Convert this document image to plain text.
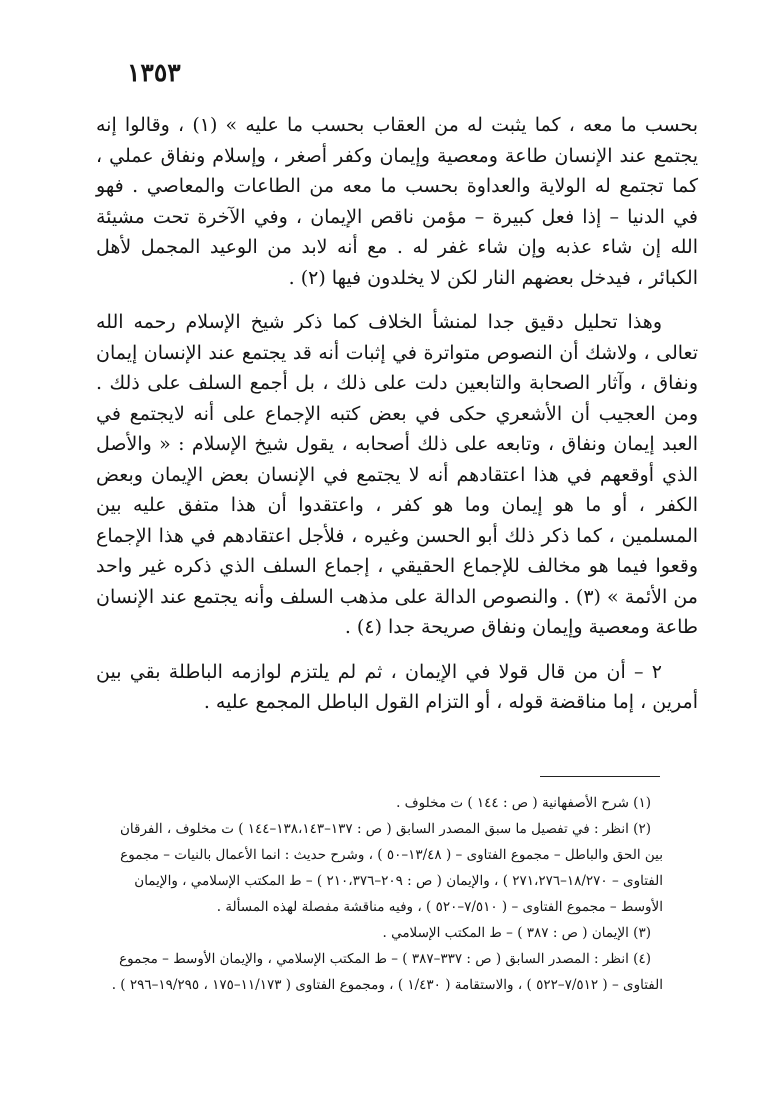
١٣٥٣

بحسب ما معه ، كما يثبت له من العقاب بحسب ما عليه » (١) ، وقالوا إنه يجتمع عند الإنسان طاعة ومعصية وإيمان وكفر أصغر ، وإسلام ونفاق عملي ، كما تجتمع له الولاية والعداوة بحسب ما معه من الطاعات والمعاصي . فهو في الدنيا – إذا فعل كبيرة – مؤمن ناقص الإيمان ، وفي الآخرة تحت مشيئة الله إن شاء عذبه وإن شاء غفر له . مع أنه لابد من الوعيد المجمل لأهل الكبائر ، فيدخل بعضهم النار لكن لا يخلدون فيها (٢) .

وهذا تحليل دقيق جدا لمنشأ الخلاف كما ذكر شيخ الإسلام رحمه الله تعالى ، ولاشك أن النصوص متواترة في إثبات أنه قد يجتمع عند الإنسان إيمان ونفاق ، وآثار الصحابة والتابعين دلت على ذلك ، بل أجمع السلف على ذلك . ومن العجيب أن الأشعري حكى في بعض كتبه الإجماع على أنه لايجتمع في العبد إيمان ونفاق ، وتابعه على ذلك أصحابه ، يقول شيخ الإسلام : « والأصل الذي أوقعهم في هذا اعتقادهم أنه لا يجتمع في الإنسان بعض الإيمان وبعض الكفر ، أو ما هو إيمان وما هو كفر ، واعتقدوا أن هذا متفق عليه بين المسلمين ، كما ذكر ذلك أبو الحسن وغيره ، فلأجل اعتقادهم في هذا الإجماع وقعوا فيما هو مخالف للإجماع الحقيقي ، إجماع السلف الذي ذكره غير واحد من الأئمة » (٣) . والنصوص الدالة على مذهب السلف وأنه يجتمع عند الإنسان طاعة ومعصية وإيمان ونفاق صريحة جدا (٤) .

٢ – أن من قال قولا في الإيمان ، ثم لم يلتزم لوازمه الباطلة بقي بين أمرين ، إما مناقضة قوله ، أو التزام القول الباطل المجمع عليه .

(١) شرح الأصفهانية ( ص : ١٤٤ ) ت مخلوف .

(٢) انظر : في تفصيل ما سبق المصدر السابق ( ص : ١٣٧–١٣٨،١٤٣–١٤٤ ) ت مخلوف ، الفرقان بين الحق والباطل – مجموع الفتاوى – ( ١٣/٤٨–٥٠ ) ، وشرح حديث : انما الأعمال بالنيات – مجموع الفتاوى – ١٨/٢٧٠–٢٧١،٢٧٦ ) ، والإيمان ( ص : ٢٠٩–٢١٠،٣٧٦ ) – ط المكتب الإسلامي ، والإيمان الأوسط – مجموع الفتاوى – ( ٧/٥١٠–٥٢٠ ) ، وفيه مناقشة مفصلة لهذه المسألة .

(٣) الإيمان ( ص : ٣٨٧ ) – ط المكتب الإسلامي .

(٤) انظر : المصدر السابق ( ص : ٣٣٧–٣٨٧ ) – ط المكتب الإسلامي ، والإيمان الأوسط – مجموع الفتاوى – ( ٧/٥١٢–٥٢٢ ) ، والاستقامة ( ١/٤٣٠ ) ، ومجموع الفتاوى ( ١١/١٧٣–١٧٥ ، ١٩/٢٩٥–٢٩٦ ) .
